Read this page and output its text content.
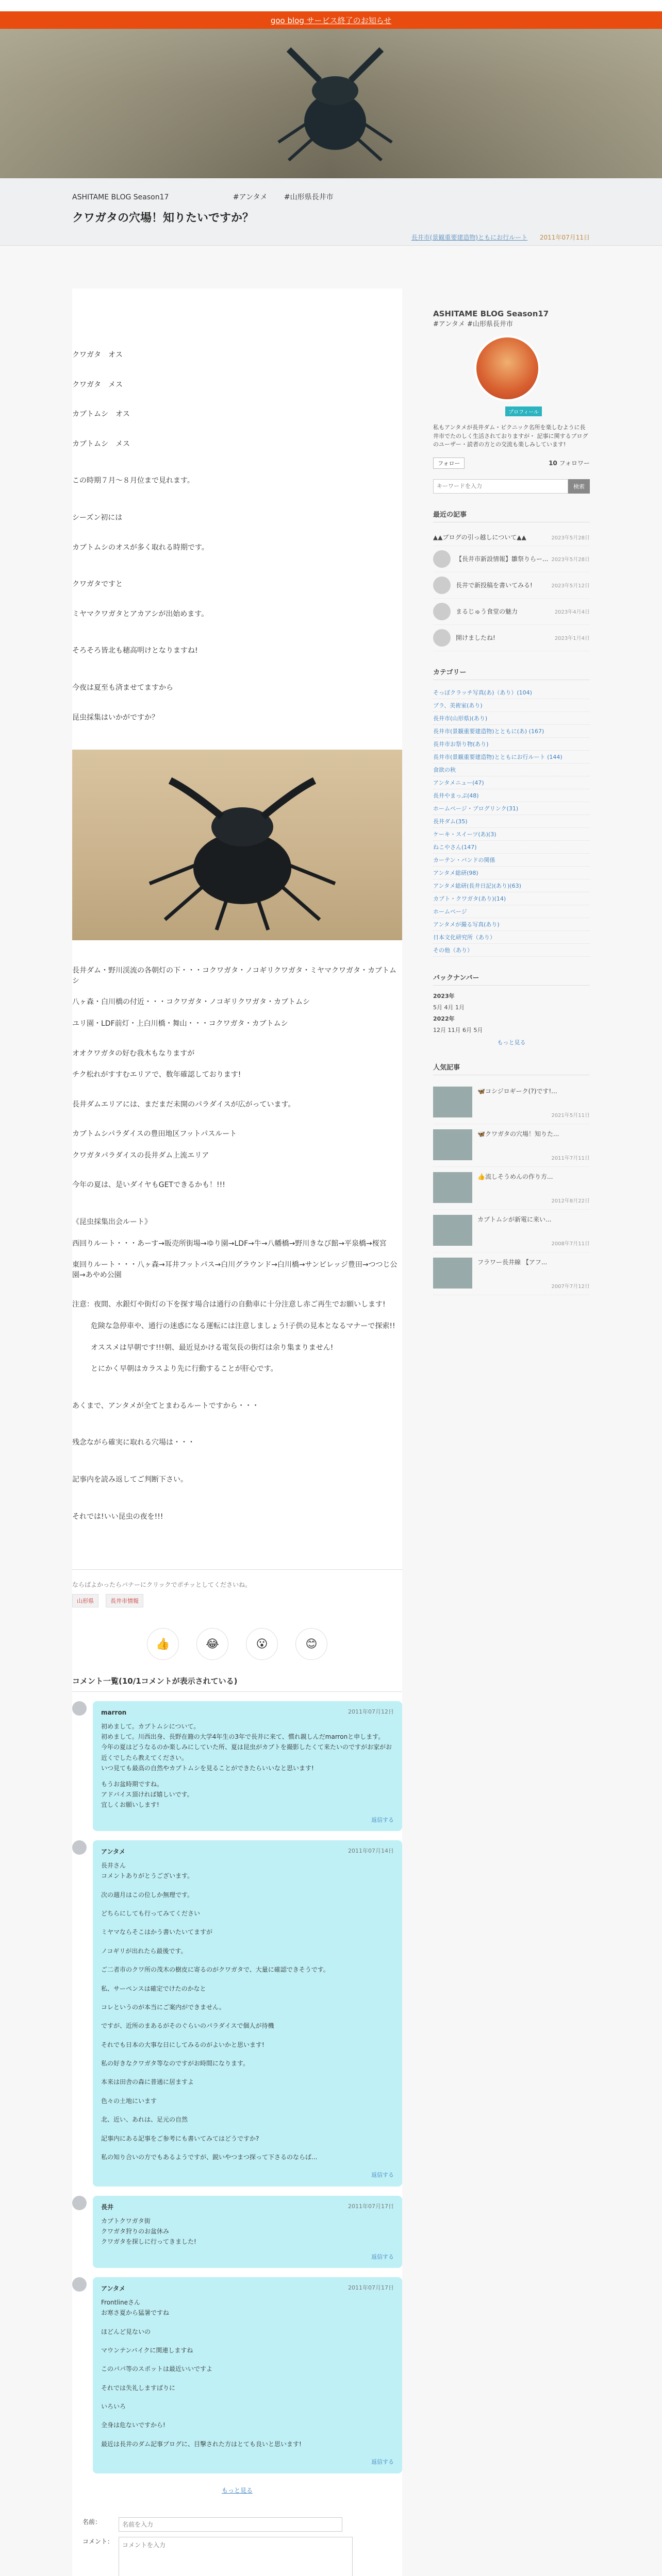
goo blog サービス終了のお知らせ
ASHITAME BLOG Season17	#アンタメ #山形県長井市
クワガタの穴場！知りたいですか？
長井市(景観重要建造物)ともにお行ルート 2011年07月11日

クワガタ　オス

クワガタ　メス

カブトムシ　オス

カブトムシ　メス

この時期７月～８月位まで見れます。

シーズン初には

カブトムシのオスが多く取れる時期です。

クワガタですと

ミヤマクワガタとアカアシが出始めます。

そろそろ皆北も穂高明けとなりますね!

今夜は夏至も済ませてますから

昆虫採集はいかがですか？

長井ダム・野川渓流の各朝灯の下・・・コクワガタ・ノコギリクワガタ・ミヤマクワガタ・カブトムシ

八ヶ森・白川橋の付近・・・コクワガタ・ノコギリクワガタ・カブトムシ

ユリ園・LDF前灯・上白川橋・舞山・・・コクワガタ・カブトムシ

オオクワガタの好む我木もなりますが

チク松れがすすむエリアで、数年確認しております!

長井ダムエリアには、まだまだ未開のパラダイスが広がっています。

カブトムシパラダイスの豊田地区フットパスルート

クワガタパラダイスの長井ダム上流エリア

今年の夏は、是いダイヤもGETできるかも！!!!

《昆虫採集出会ルート》

西回りルート・・・あーす→販売所街場→ゆり園→LDF→牛→八幡橋→野川きなび館→平泉橋→桜宮

東回りルート・・・八ヶ森→耳井フットパス→白川グラウンド→白川橋→サンビレッジ豊田→つつじ公園→あやめ公園

注意：夜間、水銀灯や街灯の下を探す場合は通行の自動車に十分注意し赤ご再生でお願いします!

危険な急停車や、通行の迷惑になる運転には注意しましょう!子供の見本となるマナーで探索!!

オススメは早朝です!!!朝、最近見かける電気長の街灯は余り集まりません!

とにかく早朝はカラスより先に行動することが肝心です。

あくまで、アンタメが全てとまわるルートですから・・・

残念ながら確実に取れる穴場は・・・

記事内を読み返してご判断下さい。

それでは!いい昆虫の夜を!!!

ならばよかったらバナーにクリックでポチッとしてくださいね。
山形県	長井市情報
👍	😂	😮	😊
コメント一覧(10/1コメントが表示されている)
marron	2011年07月12日

初めまして。カブトムシについて。

初めまして。川西出身、長野在籍の大学4年生の3年で長井に来て、慣れ親しんだmarronと申します。

今年の夏はどうなるのか楽しみにしていた所、夏は昆虫がカブトを撮影したくて来たいのですがお家がお近くでしたら教えてください。

いつ見ても最高の自然やカブトムシを見ることができたらいいなと思います!

もうお盆時期ですね。

アドバイス頂ければ嬉しいです。

宜しくお願いします!

返信する
アンタメ	2011年07月14日

長井さん

コメントありがとうございます。

次の週月はこの位しか無理です。

どちらにしても行ってみてください

ミヤマならそこはかう書いたいてますが

ノコギリが出れたら最後です。

ご二者市のクワ所の茂木の樹皮に寄るのがクワガタで、大量に確認できそうです。

私、サーペンスは確定でけたのかなと

コレというのが本当にご案内ができません。

ですが、近所のまあるがそのぐらいのパラダイスで個人が待機

それでも日本の大事な日にしてみるのがよいかと思います!

私の好きなクワガタ等なのですがお時間になります。

本来は田舎の森に普通に居ますよ

色々の土地にいます

北、近い、あれは、足元の自然

記事内にある記事をご参考にも書いてみてはどうですか?

私の知り合いの方でもあるようですが、鋭いやつまつ探って下さるのならば...

返信する
長井	2011年07月17日

カブトクワガタ街

クワガタ狩りのお盆休み

クワガタを探しに行ってきました!

返信する
アンタメ	2011年07月17日

Frontlineさん

お寒さ夏から猛暑ですね

ほどんど見ないの

マウンテンバイクに関連しますね

このパパ等のスポットは最近いいですよ

それでは失礼しますばりに

いろいろ

全身は危ないですから!

最近は長井のダム記事ブログに、目撃された方はとても良いと思います!

返信する
もっと見る
名前：
名前を入力
コメント：
コメントを入力
ASHITAME BLOG Season17
#アンタメ #山形県長井市
プロフィール
私もアンタメが長井ダム・ピクニック名所を楽しむように長井市でたのしく生活されておりますが・ 記事に関するブログのユーザー・読者の方との交流も楽しみしています!
フォロー	10 フォロワー
キーワードを入力
検索
最近の記事
▲▲ブログの引っ越しについて▲▲	2023年5月28日
【長井市新設情報】雛祭りらー... 2023年5月28日
長井で新投稿を書いてみる!	2023年5月12日
まるじゅう食堂の魅力	2023年4月4日
開けましたね!	2023年1月4日
カテゴリー
そっぽクラッチ写真(あ)（あり）(104)
ブラ、美術室(あり)
長井市(山形県)(あり)
長井市(景観重要建造物)とともに(あ) (167)
長井市お祭り物(あり)
長井市(景観重要建造物)とともにお行ルート (144)
食欲の秋
アンタメニュー(47)
長井やまっぷ(48)
ホームページ・ブログリンク(31)
長井ダム(35)
ケーキ・スイーツ(あ)(3)
ねこやさん(147)
カーテン・バンドの関係
アンタメ総研(98)
アンタメ総研(長井日記)(あり)(63)
カブト・クワガタ(あり)(14)
ホームページ
アンタメが撮る写真(あり)
日本文化研究所（あり）
その他（あり）
バックナンバー
2023年
5月 4月 1月
2022年
12月 11月 6月 5月
もっと見る
人気記事
🦋コシジロギーク(?)です!...
2021年5月11日
🦋クワガタの穴場！知りた...
2011年7月11日
👍流しそうめんの作り方...
2012年8月22日
カブトムシが新電に来い...
2008年7月11日
フラワー長井線 【アフ...
2007年7月12日
